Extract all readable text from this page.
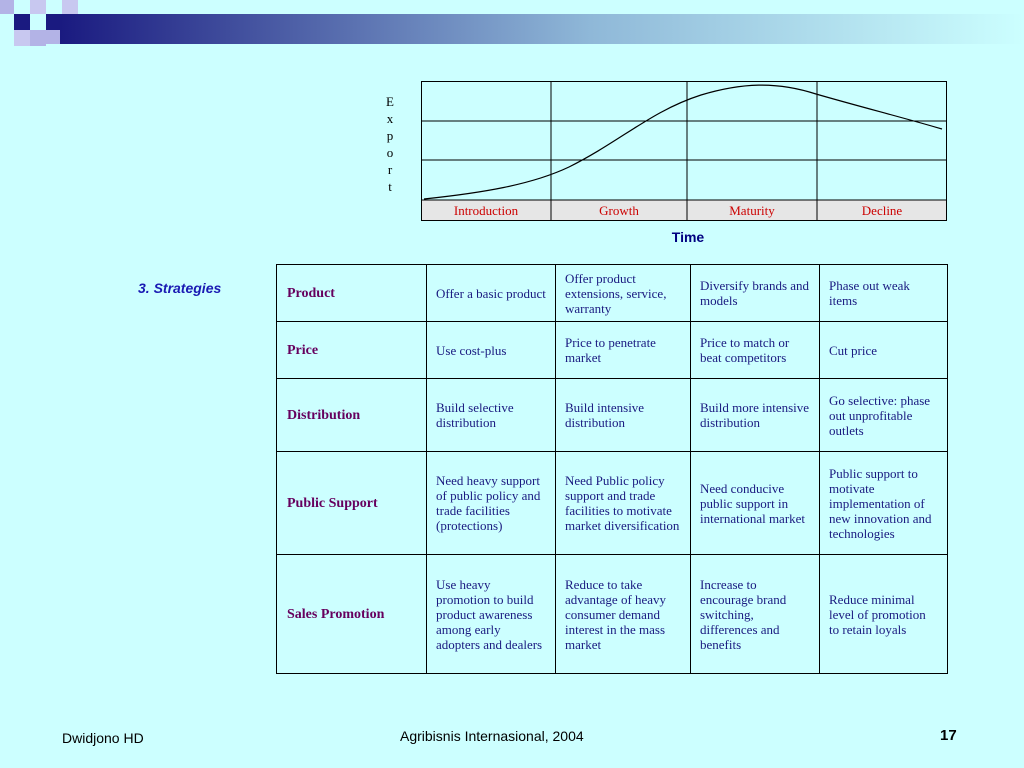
E
x
p
o
r
t
Introduction	Growth	Maturity	Decline
Time
3. Strategies	Product	Offer a basic product	Offer product extensions, service, warranty	Diversify brands and models	Phase out weak items
Price	Use cost-plus	Price to penetrate market	Price to match or beat competitors	Cut price
Distribution	Build selective distribution	Build intensive distribution	Build more intensive distribution	Go selective: phase out unprofitable outlets
Public Support	Need heavy support of public policy and trade facilities (protections)	Need Public policy support and trade facilities to motivate market diversification	Need conducive public support in international market	Public support to motivate implementation of new innovation and technologies
Sales Promotion	Use heavy promotion to build product awareness among early adopters and dealers	Reduce to take advantage of heavy consumer demand interest in the mass market	Increase to encourage brand switching, differences and benefits	Reduce minimal level of promotion to retain loyals
Dwidjono HD	Agribisnis Internasional, 2004	17
